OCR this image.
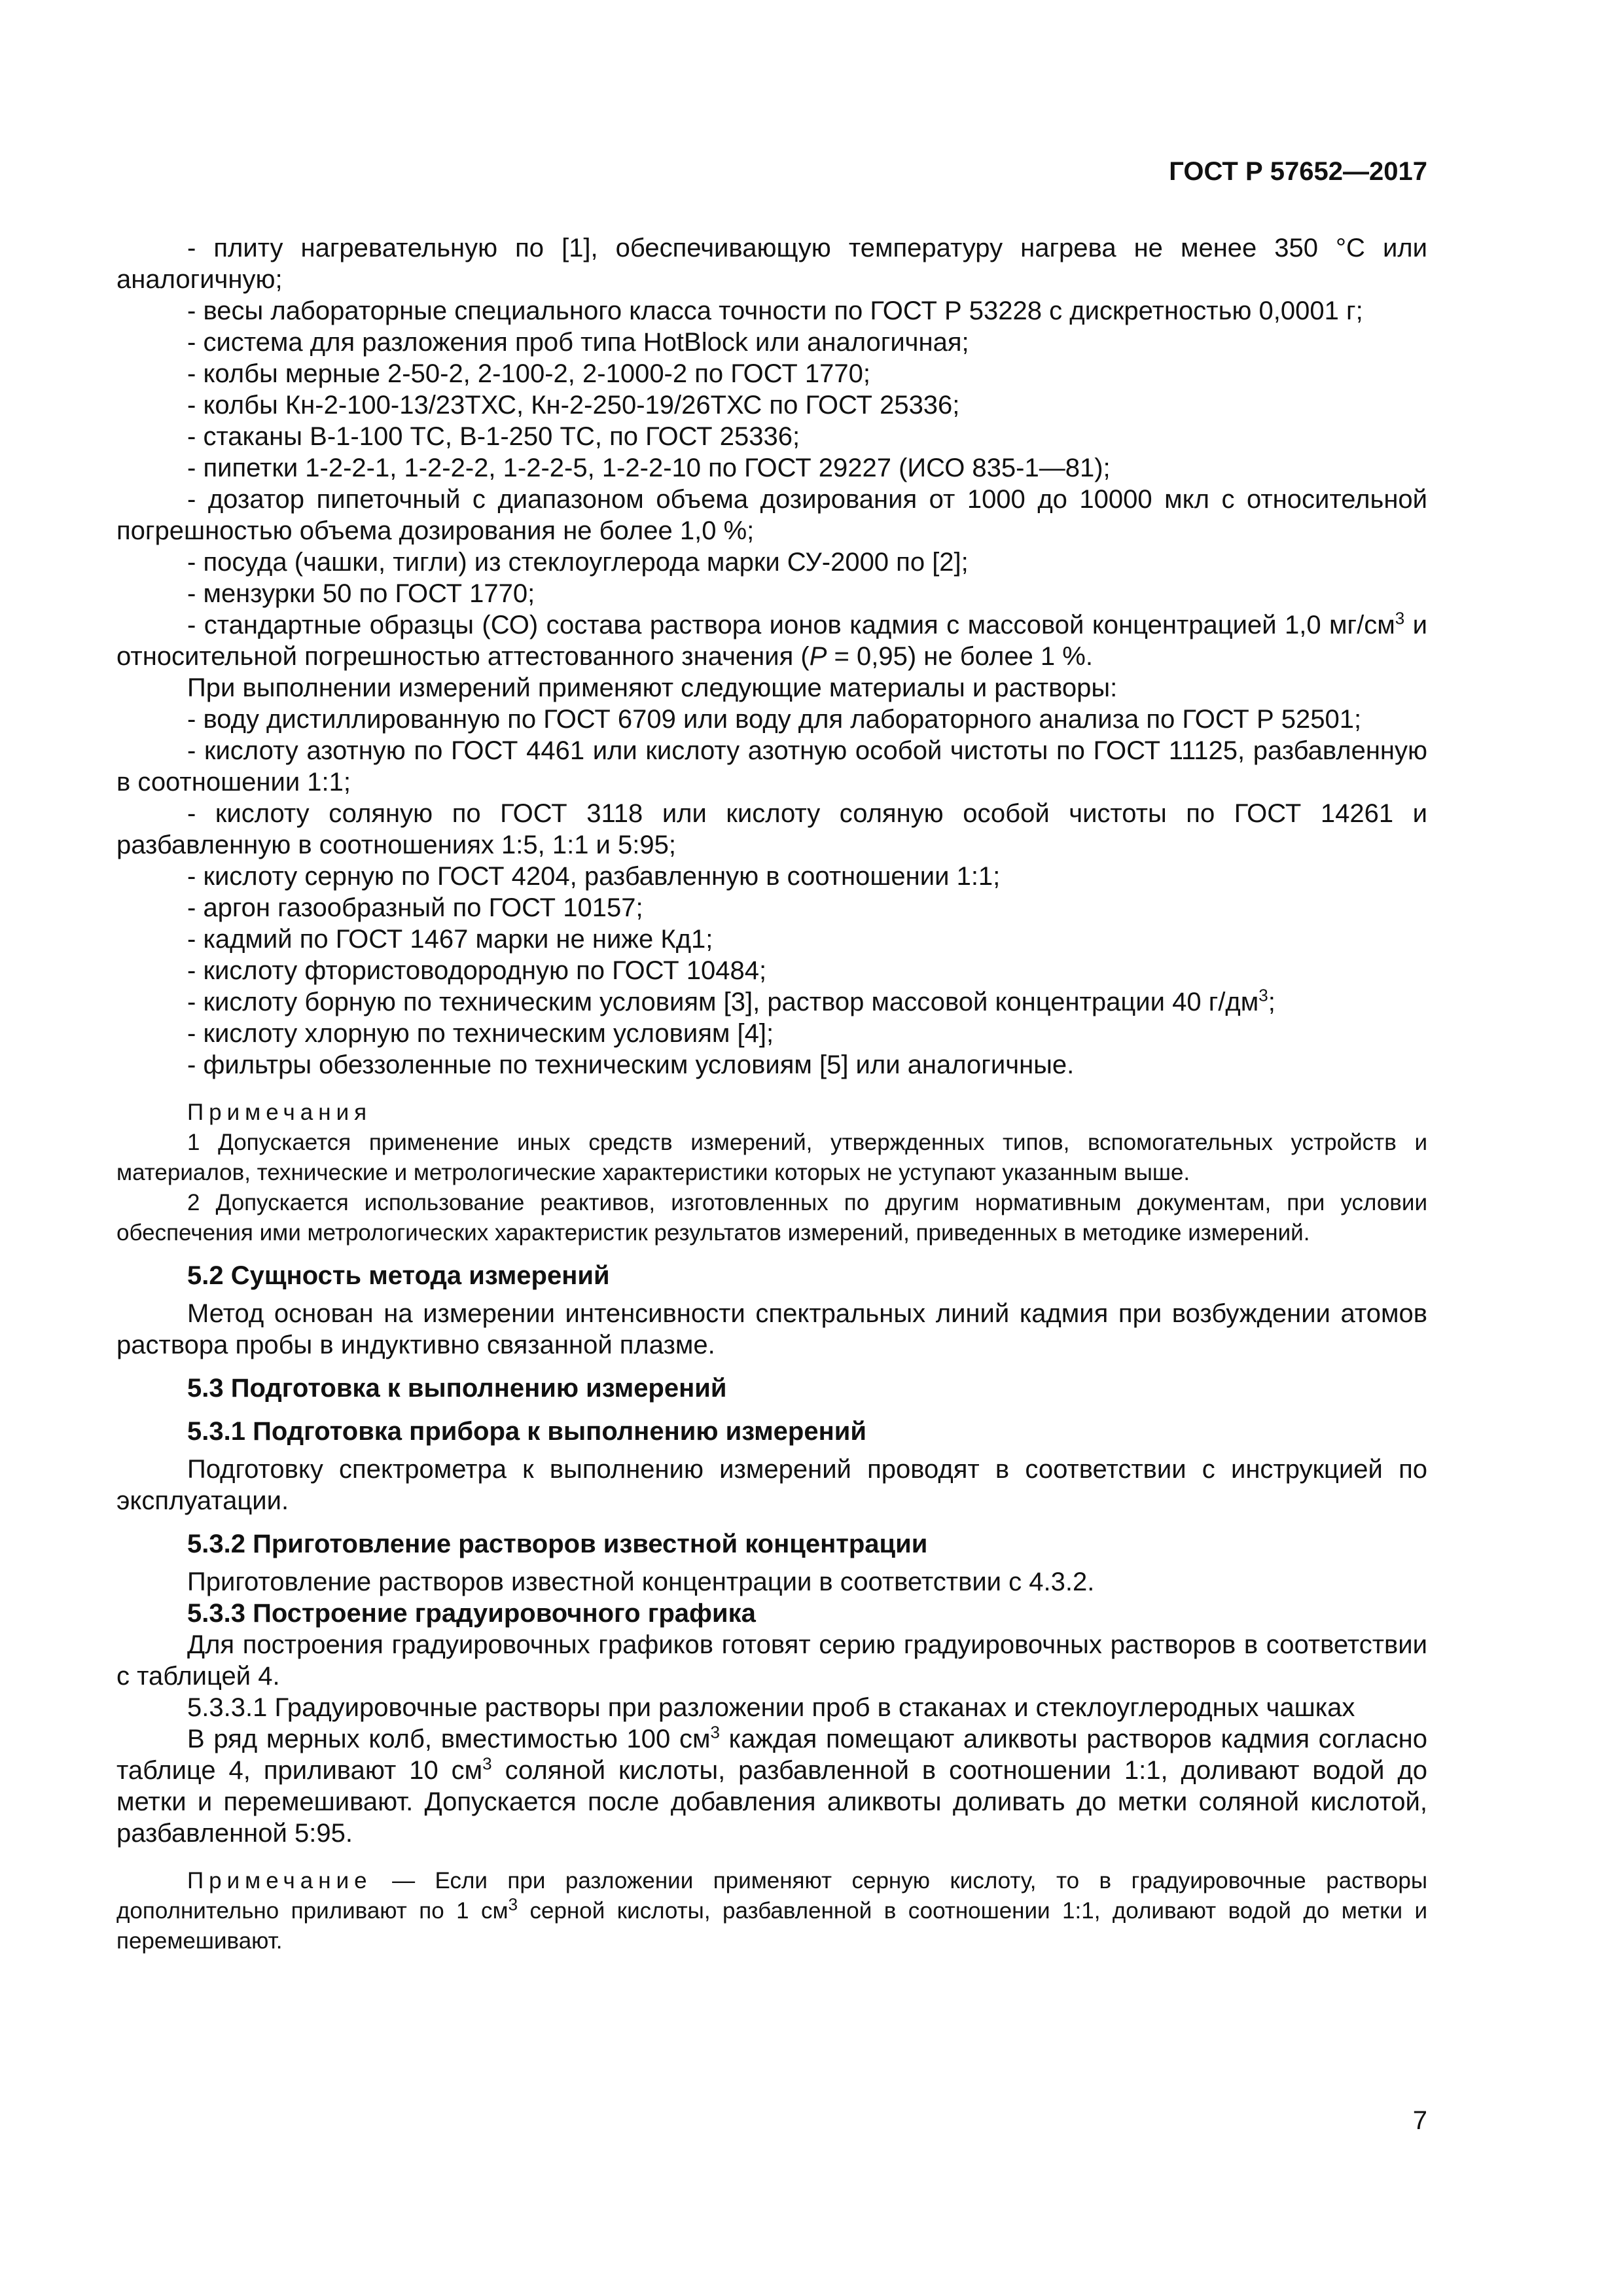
ГОСТ Р 57652—2017

- плиту нагревательную по [1], обеспечивающую температуру нагрева не менее 350 °С или аналогичную;

- весы лабораторные специального класса точности по ГОСТ Р 53228 с дискретностью 0,0001 г;

- система для разложения проб типа HotBlock или аналогичная;

- колбы мерные 2-50-2, 2-100-2, 2-1000-2 по ГОСТ 1770;

- колбы Кн-2-100-13/23ТХС, Кн-2-250-19/26ТХС по ГОСТ 25336;

- стаканы В-1-100 ТС, В-1-250 ТС, по ГОСТ 25336;

- пипетки 1-2-2-1, 1-2-2-2, 1-2-2-5, 1-2-2-10 по ГОСТ 29227 (ИСО 835-1—81);

- дозатор пипеточный с диапазоном объема дозирования от 1000 до 10000 мкл с относительной погрешностью объема дозирования не более 1,0 %;

- посуда (чашки, тигли) из стеклоуглерода марки СУ-2000 по [2];

- мензурки 50 по ГОСТ 1770;

- стандартные образцы (СО) состава раствора ионов кадмия с массовой концентрацией 1,0 $мг/см^3$ и относительной погрешностью аттестованного значения (Р = 0,95) не более 1 %.

При выполнении измерений применяют следующие материалы и растворы:

- воду дистиллированную по ГОСТ 6709 или воду для лабораторного анализа по ГОСТ Р 52501;

- кислоту азотную по ГОСТ 4461 или кислоту азотную особой чистоты по ГОСТ 11125, разбавленную в соотношении 1:1;

- кислоту соляную по ГОСТ 3118 или кислоту соляную особой чистоты по ГОСТ 14261 и разбавленную в соотношениях 1:5, 1:1 и 5:95;

- кислоту серную по ГОСТ 4204, разбавленную в соотношении 1:1;

- аргон газообразный по ГОСТ 10157;

- кадмий по ГОСТ 1467 марки не ниже Кд1;

- кислоту фтористоводородную по ГОСТ 10484;

- кислоту борную по техническим условиям [3], раствор массовой концентрации 40 $г/дм^3$;

- кислоту хлорную по техническим условиям [4];

- фильтры обеззоленные по техническим условиям [5] или аналогичные.

Примечания

1 Допускается применение иных средств измерений, утвержденных типов, вспомогательных устройств и материалов, технические и метрологические характеристики которых не уступают указанным выше.

2 Допускается использование реактивов, изготовленных по другим нормативным документам, при условии обеспечения ими метрологических характеристик результатов измерений, приведенных в методике измерений.

5.2 Сущность метода измерений

Метод основан на измерении интенсивности спектральных линий кадмия при возбуждении атомов раствора пробы в индуктивно связанной плазме.

5.3 Подготовка к выполнению измерений

5.3.1 Подготовка прибора к выполнению измерений

Подготовку спектрометра к выполнению измерений проводят в соответствии с инструкцией по эксплуатации.

5.3.2 Приготовление растворов известной концентрации

Приготовление растворов известной концентрации в соответствии с 4.3.2.

5.3.3 Построение градуировочного графика

Для построения градуировочных графиков готовят серию градуировочных растворов в соответствии с таблицей 4.

5.3.3.1 Градуировочные растворы при разложении проб в стаканах и стеклоуглеродных чашках

В ряд мерных колб, вместимостью 100 $см^3$ каждая помещают аликвоты растворов кадмия согласно таблице 4, приливают 10 $см^3$ соляной кислоты, разбавленной в соотношении 1:1, доливают водой до метки и перемешивают. Допускается после добавления аликвоты доливать до метки соляной кислотой, разбавленной 5:95.

Примечание — Если при разложении применяют серную кислоту, то в градуировочные растворы дополнительно приливают по 1 $см^3$ серной кислоты, разбавленной в соотношении 1:1, доливают водой до метки и перемешивают.

7
